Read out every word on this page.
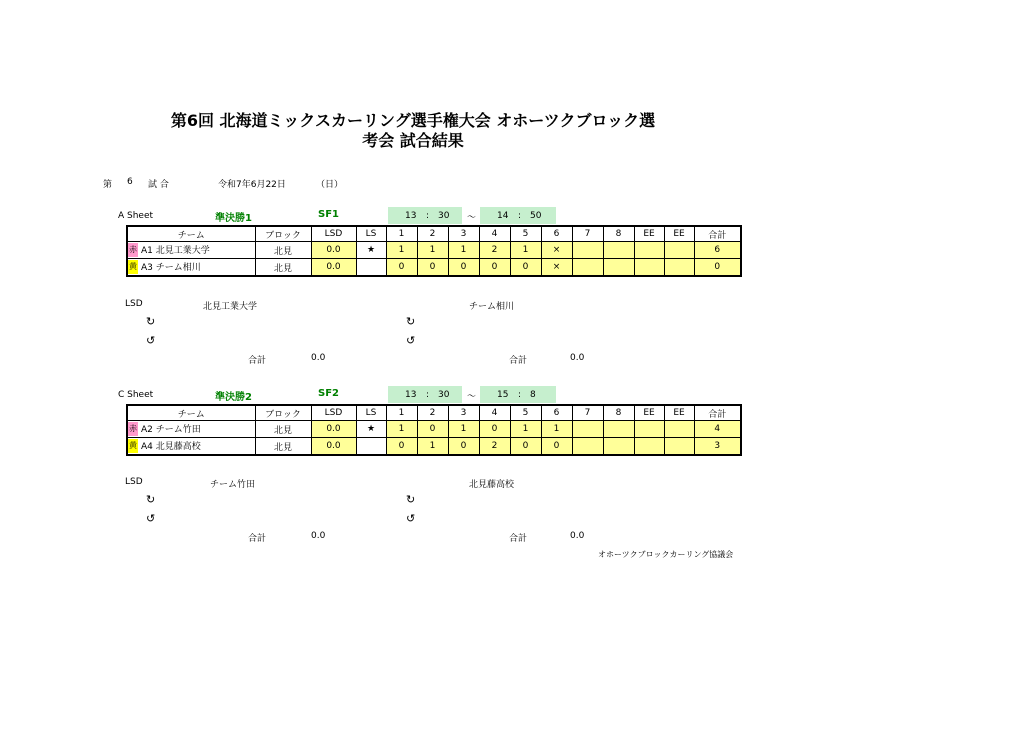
第6回 北海道ミックスカーリング選手権大会 オホーツクブロック選
考会 試合結果
第 6 試 合	令和7年6月22日	（日）
A Sheet	準決勝1	SF1	13 : 30 ～ 14 : 50
チーム	ブロック	LSD	LS	1	2	3	4	5	6	7	8	EE	EE	合計
赤 A1 北見工業大学	北見	0.0	★	1	1	1	2	1	×					6
黄 A3 チーム相川	北見	0.0		0	0	0	0	0	×					0
LSD	北見工業大学	チーム相川
↻
↺
↻
↺
合計	0.0	合計	0.0
C Sheet	準決勝2	SF2	13 : 30 ～ 15 : 8
チーム	ブロック	LSD	LS	1	2	3	4	5	6	7	8	EE	EE	合計
赤 A2 チーム竹田	北見	0.0	★	1	0	1	0	1	1					4
黄 A4 北見藤高校	北見	0.0		0	1	0	2	0	0					3
LSD	チーム竹田	北見藤高校
↻
↺
↻
↺
合計	0.0	合計	0.0
オホーツクブロックカーリング協議会
